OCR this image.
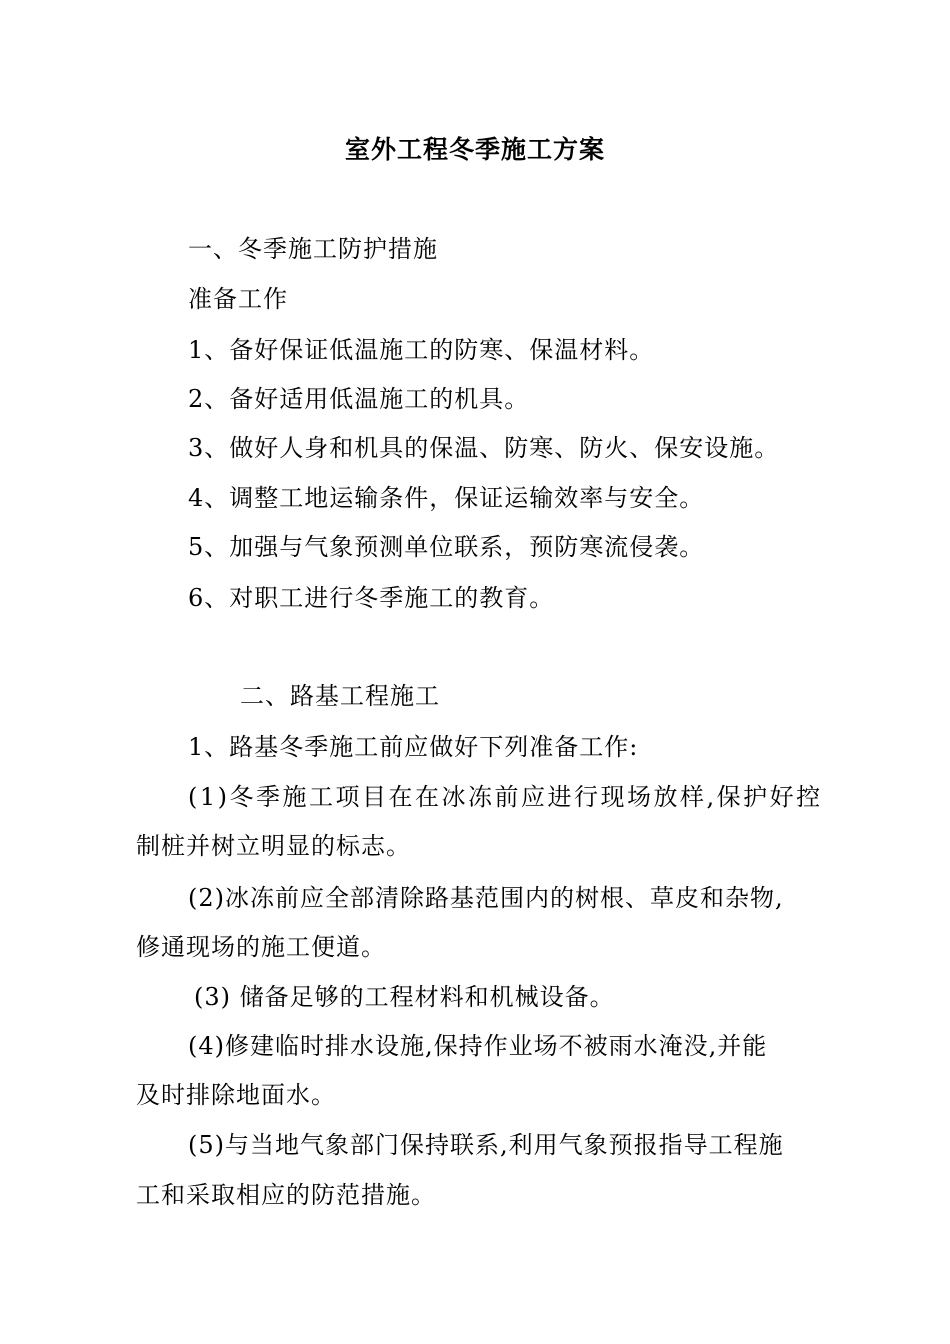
室外工程冬季施工方案
一、冬季施工防护措施
准备工作
1、备好保证低温施工的防寒、保温材料。
2、备好适用低温施工的机具。
3、做好人身和机具的保温、防寒、防火、保安设施。
4、调整工地运输条件，保证运输效率与安全。
5、加强与气象预测单位联系，预防寒流侵袭。
6、对职工进行冬季施工的教育。
二、路基工程施工
1、路基冬季施工前应做好下列准备工作:
(1)冬季施工项目在在冰冻前应进行现场放样,保护好控
制桩并树立明显的标志。
(2)冰冻前应全部清除路基范围内的树根、草皮和杂物,
修通现场的施工便道。
(3) 储备足够的工程材料和机械设备。
(4)修建临时排水设施,保持作业场不被雨水淹没,并能
及时排除地面水。
(5)与当地气象部门保持联系,利用气象预报指导工程施
工和采取相应的防范措施。
